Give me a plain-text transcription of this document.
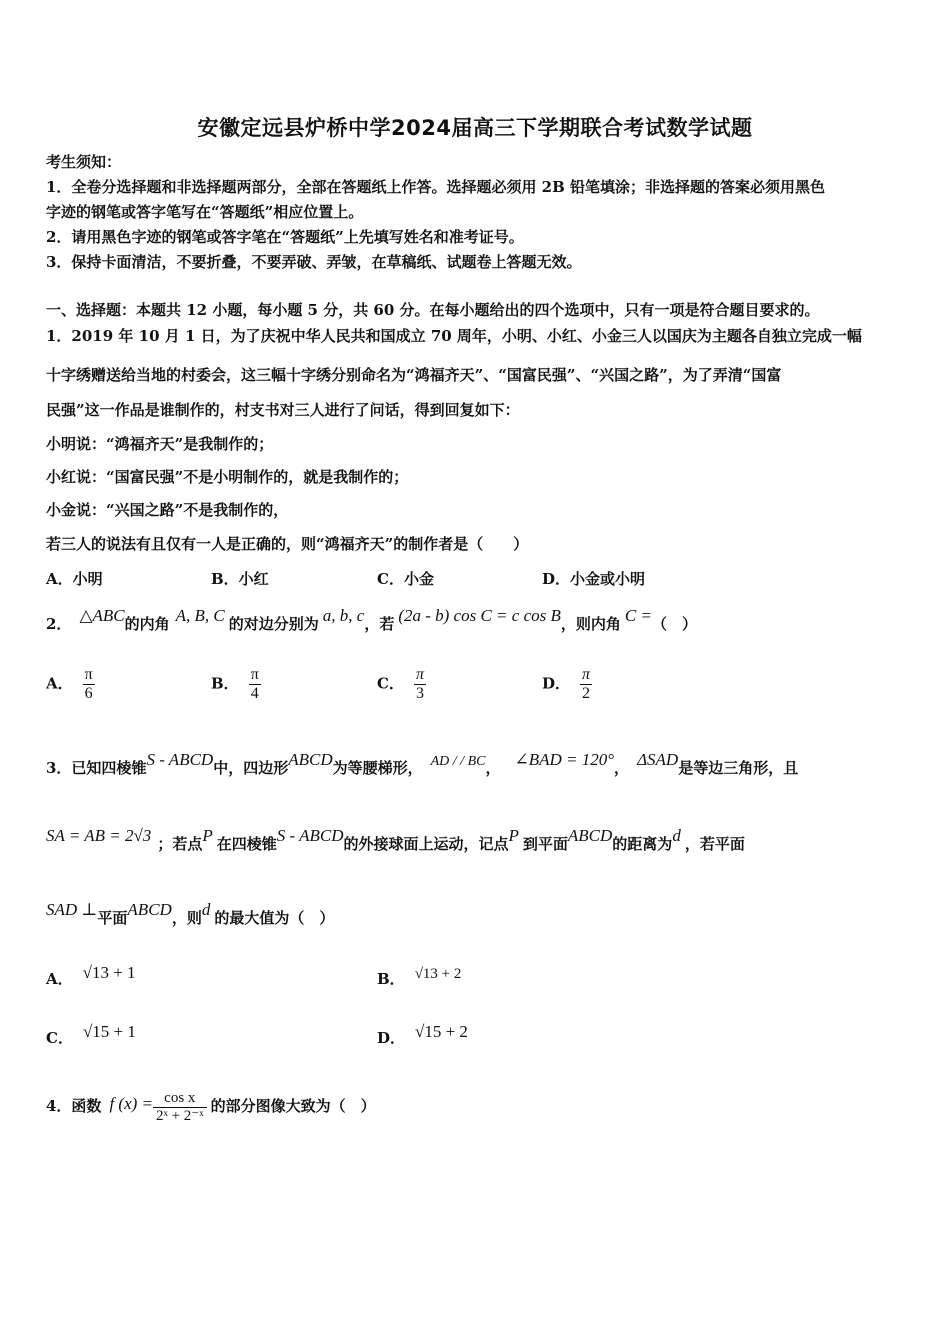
安徽定远县炉桥中学2024届高三下学期联合考试数学试题
考生须知：
1．全卷分选择题和非选择题两部分，全部在答题纸上作答。选择题必须用 2B 铅笔填涂；非选择题的答案必须用黑色
字迹的钢笔或答字笔写在“答题纸”相应位置上。
2．请用黑色字迹的钢笔或答字笔在“答题纸”上先填写姓名和准考证号。
3．保持卡面清洁，不要折叠，不要弄破、弄皱，在草稿纸、试题卷上答题无效。
一、选择题：本题共 12 小题，每小题 5 分，共 60 分。在每小题给出的四个选项中，只有一项是符合题目要求的。
1．2019 年 10 月 1 日，为了庆祝中华人民共和国成立 70 周年，小明、小红、小金三人以国庆为主题各自独立完成一幅
十字绣赠送给当地的村委会，这三幅十字绣分别命名为“鸿福齐天”、“国富民强”、“兴国之路”，为了弄清“国富
民强”这一作品是谁制作的，村支书对三人进行了问话，得到回复如下：
小明说：“鸿福齐天”是我制作的；
小红说：“国富民强”不是小明制作的，就是我制作的；
小金说：“兴国之路”不是我制作的，
若三人的说法有且仅有一人是正确的，则“鸿福齐天”的制作者是（　　）
A．小明	B．小红	C．小金	D．小金或小明
2． △ABC的内角 A, B, C 的对边分别为 a, b, c，若 (2a - b) cos C = c cos B，则内角 C =（　）
A． $\frac{\pi}{6}$	B． $\frac{\pi}{4}$	C． $\frac{\pi}{3}$	D． $\frac{\pi}{2}$
3．已知四棱锥S - ABCD中，四边形ABCD为等腰梯形， AD / / BC， ∠BAD = 120°， ΔSAD是等边三角形，且
SA = AB = 2√3 ；若点P 在四棱锥S - ABCD的外接球面上运动，记点P 到平面ABCD的距离为d ，若平面
SAD ⊥平面ABCD，则d 的最大值为（　）
A． √13 + 1	B． √13 + 2
C． √15 + 1	D． √15 + 2
4．函数 f $(x) = \frac{\text{cos x}}{\text{2ˣ + 2⁻ˣ}}$ 的部分图像大致为（　）
